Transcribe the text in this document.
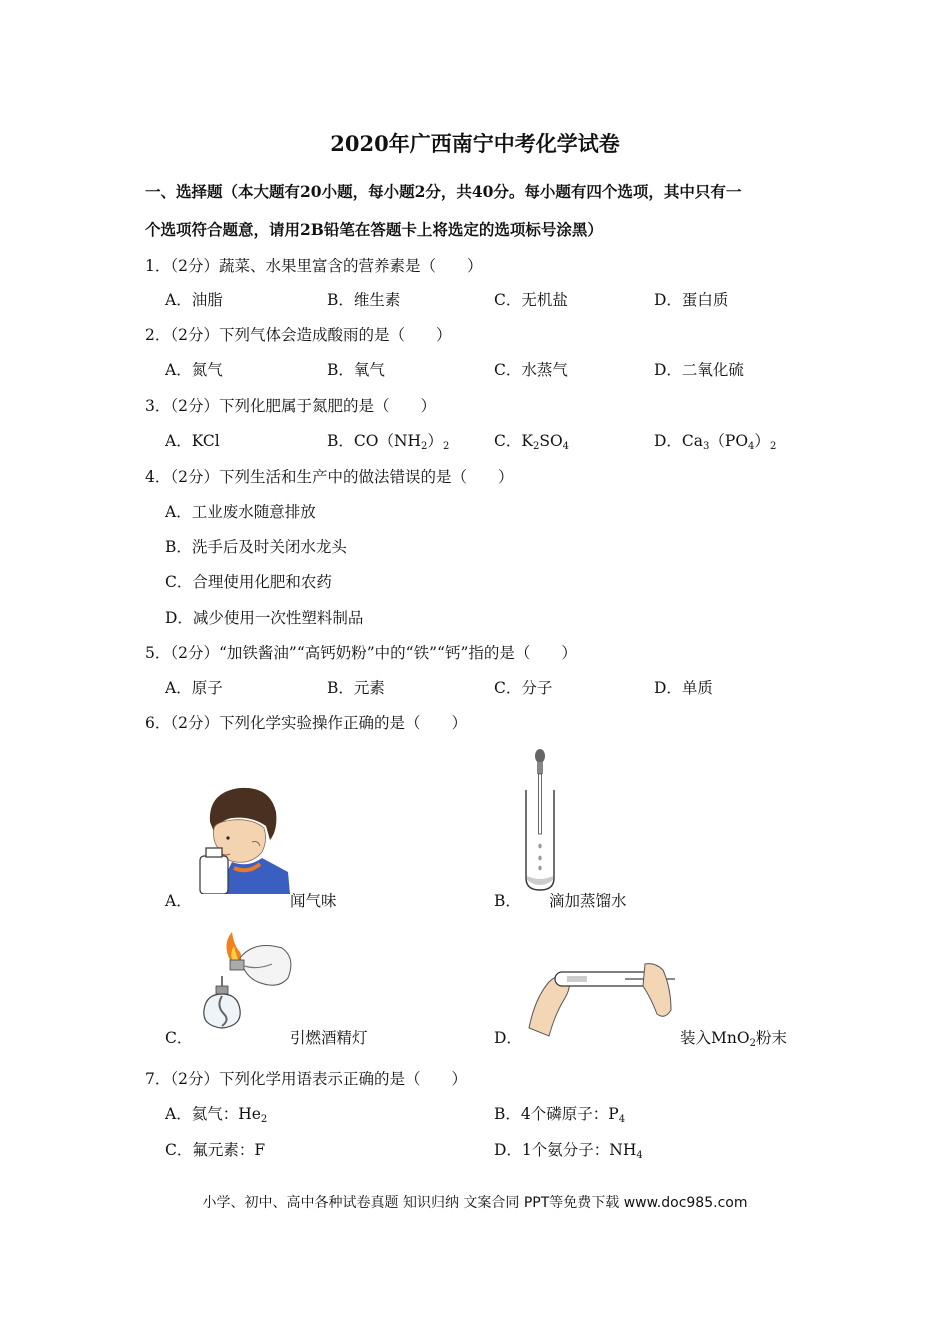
2020年广西南宁中考化学试卷
一、选择题（本大题有20小题，每小题2分，共40分。每小题有四个选项，其中只有一
个选项符合题意，请用2B铅笔在答题卡上将选定的选项标号涂黑）
1．（2分）蔬菜、水果里富含的营养素是（　　）
A．油脂	B．维生素	C．无机盐	D．蛋白质
2．（2分）下列气体会造成酸雨的是（　　）
A．氮气	B．氧气	C．水蒸气	D．二氧化硫
3．（2分）下列化肥属于氮肥的是（　　）
A．KCl	B．$CO(NH_2)_2$	C．$K_2SO_4$	D．$Ca_3(PO_4)_2$
4．（2分）下列生活和生产中的做法错误的是（　　）
A．工业废水随意排放
B．洗手后及时关闭水龙头
C．合理使用化肥和农药
D．减少使用一次性塑料制品
5．（2分）“加铁酱油”“高钙奶粉”中的“铁”“钙”指的是（　　）
A．原子	B．元素	C．分子	D．单质
6．（2分）下列化学实验操作正确的是（　　）
A．	闻气味	B． 滴加蒸馏水
C．	引燃酒精灯	D．	装入MnO$_2$粉末
7．（2分）下列化学用语表示正确的是（　　）
A．氦气：$He_2$	B．4个磷原子：$P_4$
C．氟元素：F	D．1个氨分子：$NH_4$
小学、初中、高中各种试卷真题 知识归纳 文案合同 PPT等免费下载 www.doc985.com
